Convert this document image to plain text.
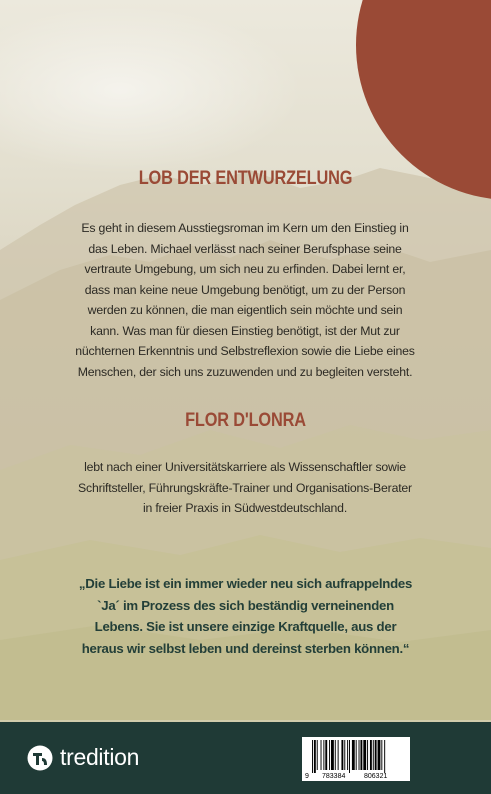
LOB DER ENTWURZELUNG
Es geht in diesem Ausstiegsroman im Kern um den Einstieg in
das Leben. Michael verlässt nach seiner Berufsphase seine
vertraute Umgebung, um sich neu zu erfinden. Dabei lernt er,
dass man keine neue Umgebung benötigt, um zu der Person
werden zu können, die man eigentlich sein möchte und sein
kann. Was man für diesen Einstieg benötigt, ist der Mut zur
nüchternen Erkenntnis und Selbstreflexion sowie die Liebe eines
Menschen, der sich uns zuzuwenden und zu begleiten versteht.
FLOR D'LONRA
lebt nach einer Universitätskarriere als Wissenschaftler sowie
Schriftsteller, Führungskräfte-Trainer und Organisations-Berater
in freier Praxis in Südwestdeutschland.
„Die Liebe ist ein immer wieder neu sich aufrappelndes
`Ja´ im Prozess des sich beständig verneinenden
Lebens. Sie ist unsere einzige Kraftquelle, aus der
heraus wir selbst leben und dereinst sterben können.“
tredition
9 783384	806321
